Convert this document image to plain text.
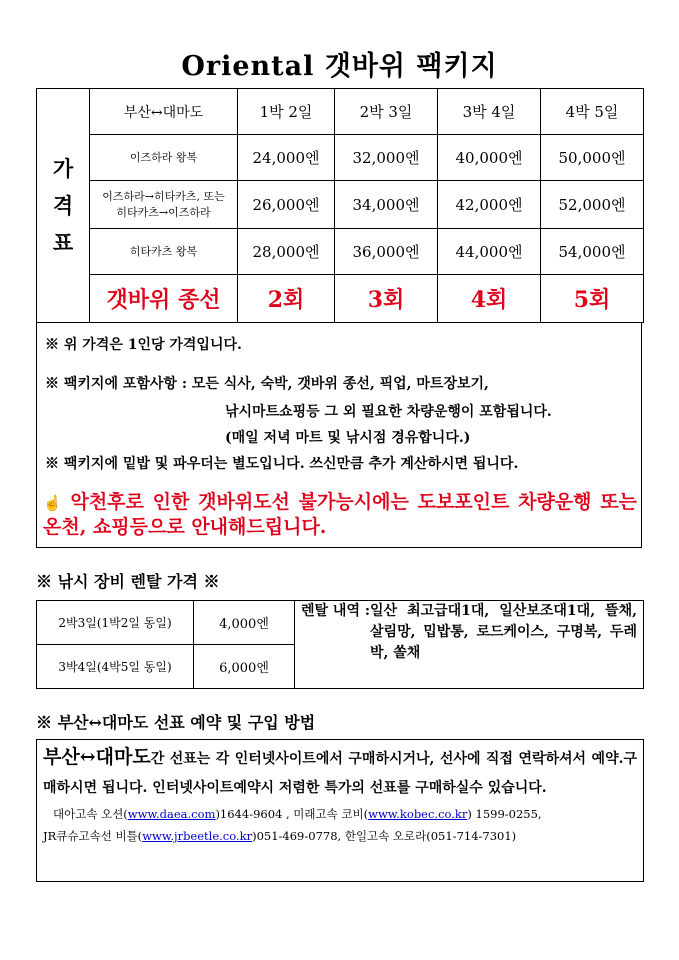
Oriental 갯바위 팩키지
가
격
표	부산↔대마도	1박 2일	2박 3일	3박 4일	4박 5일
	이즈하라 왕복	24,000엔	32,000엔	40,000엔	50,000엔

	이즈하라→히타카츠, 또는
히타카츠→이즈하라	26,000엔	34,000엔	42,000엔	52,000엔
	히타카츠 왕복	28,000엔	36,000엔	44,000엔	54,000엔
	갯바위 종선	2회	3회	4회	5회
※ 위 가격은 1인당 가격입니다.
※ 팩키지에 포함사항 : 모든 식사, 숙박, 갯바위 종선, 픽업, 마트장보기,
낚시마트쇼핑등 그 외 필요한 차량운행이 포함됩니다.
(매일 저녁 마트 및 낚시점 경유합니다.)
※ 팩키지에 밑밥 및 파우더는 별도입니다. 쓰신만큼 추가 계산하시면 됩니다.
☝ 악천후로 인한 갯바위도선 불가능시에는 도보포인트 차량운행 또는 온천, 쇼핑등으로 안내해드립니다.
※ 낚시 장비 렌탈 가격 ※
2박3일(1박2일 동일)	4,000엔	렌탈 내역 : 일산 최고급대1대, 일산보조대1대, 뜰채, 살림망, 밉밥통, 로드케이스, 구명복, 두레박, 쏠채

3박4일(4박5일 동일)	6,000엔	
※ 부산↔대마도 선표 예약 및 구입 방법
부산↔대마도간 선표는 각 인터넷사이트에서 구매하시거나, 선사에 직접 연락하셔서 예약.구매하시면 됩니다. 인터넷사이트예약시 저렴한 특가의 선표를 구매하실수 있습니다.
대아고속 오션(www.daea.com)1644-9604 , 미래고속 코비(www.kobec.co.kr) 1599-0255,
JR큐슈고속선 비틀(www.jrbeetle.co.kr)051-469-0778, 한일고속 오로라(051-714-7301)
